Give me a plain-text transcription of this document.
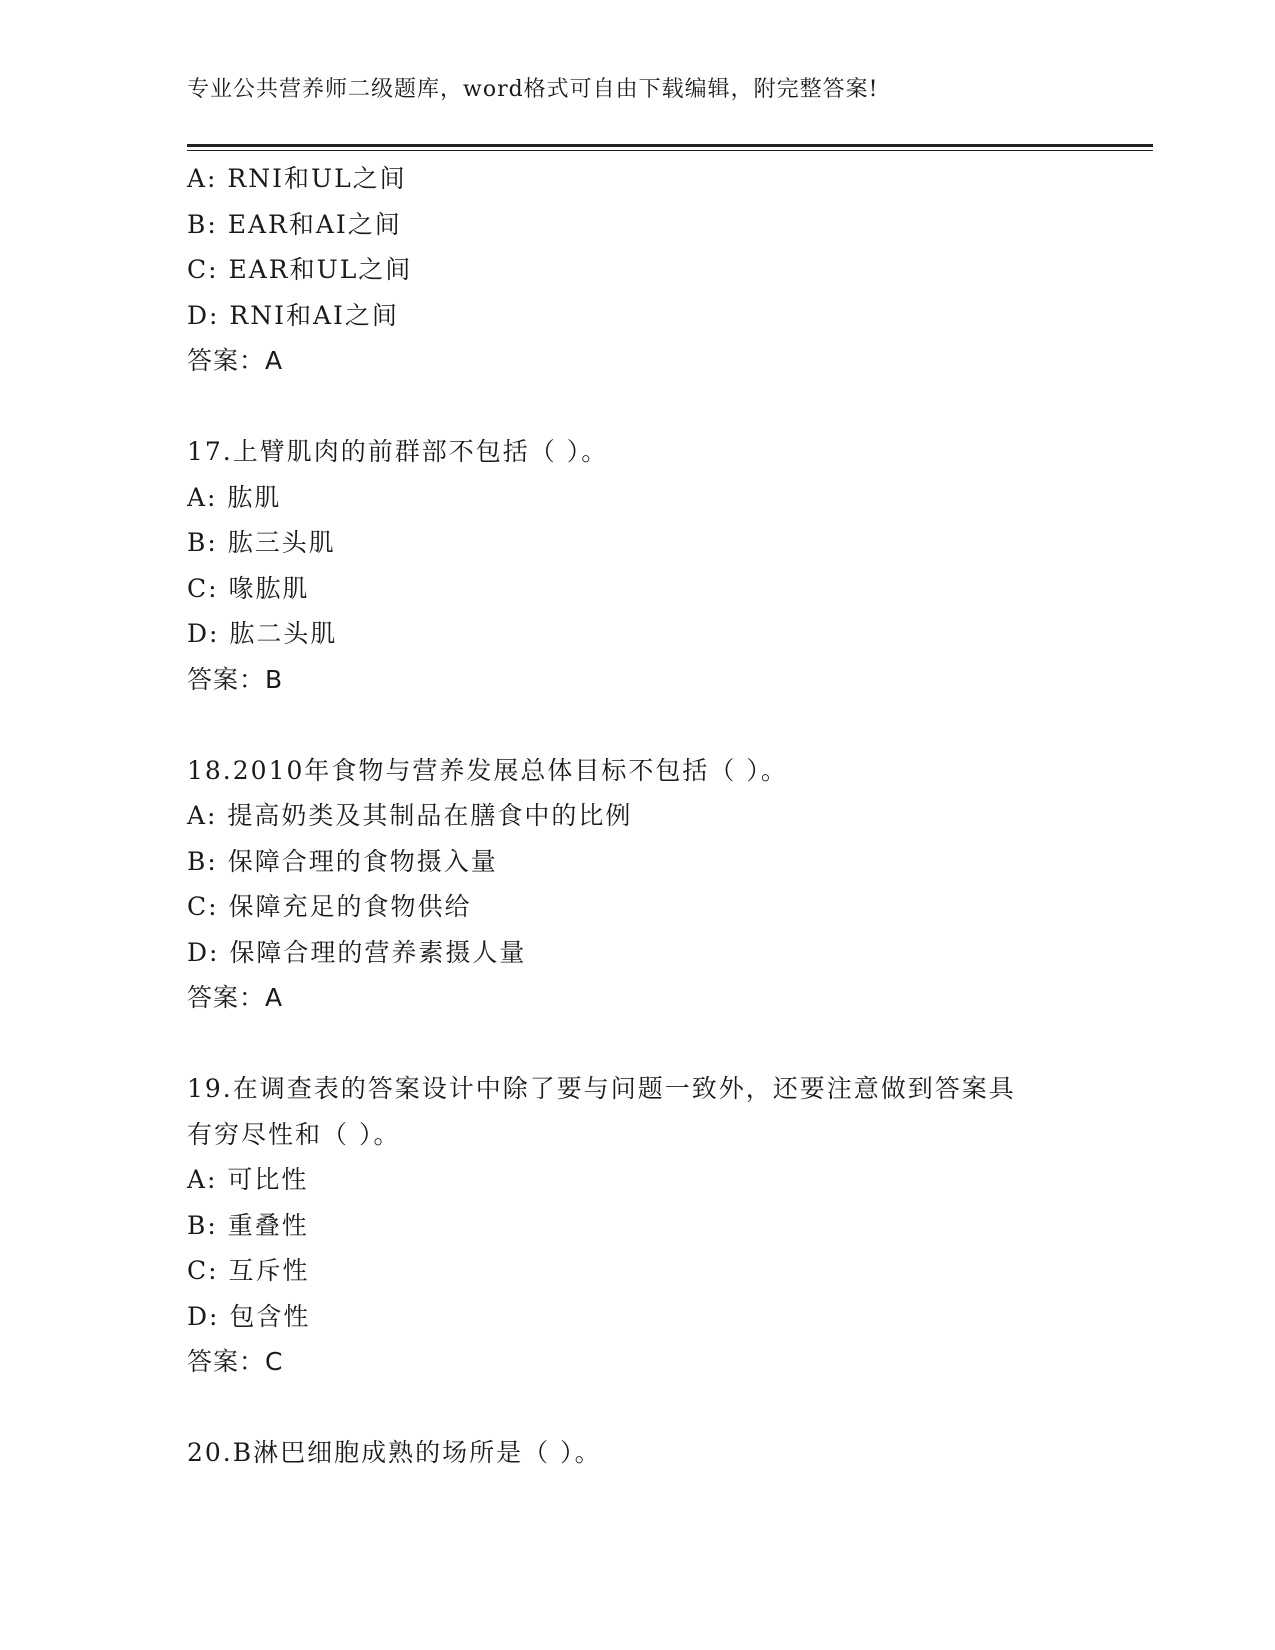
专业公共营养师二级题库，word格式可自由下载编辑，附完整答案!
A: RNI和UL之间
B: EAR和AI之间
C: EAR和UL之间
D: RNI和AI之间
答案：A
17.上臂肌肉的前群部不包括（ ）。
A: 肱肌
B: 肱三头肌
C: 喙肱肌
D: 肱二头肌
答案：B
18.2010年食物与营养发展总体目标不包括（ ）。
A: 提高奶类及其制品在膳食中的比例
B: 保障合理的食物摄入量
C: 保障充足的食物供给
D: 保障合理的营养素摄人量
答案：A
19.在调查表的答案设计中除了要与问题一致外，还要注意做到答案具
有穷尽性和（ ）。
A: 可比性
B: 重叠性
C: 互斥性
D: 包含性
答案：C
20.B淋巴细胞成熟的场所是（ ）。
